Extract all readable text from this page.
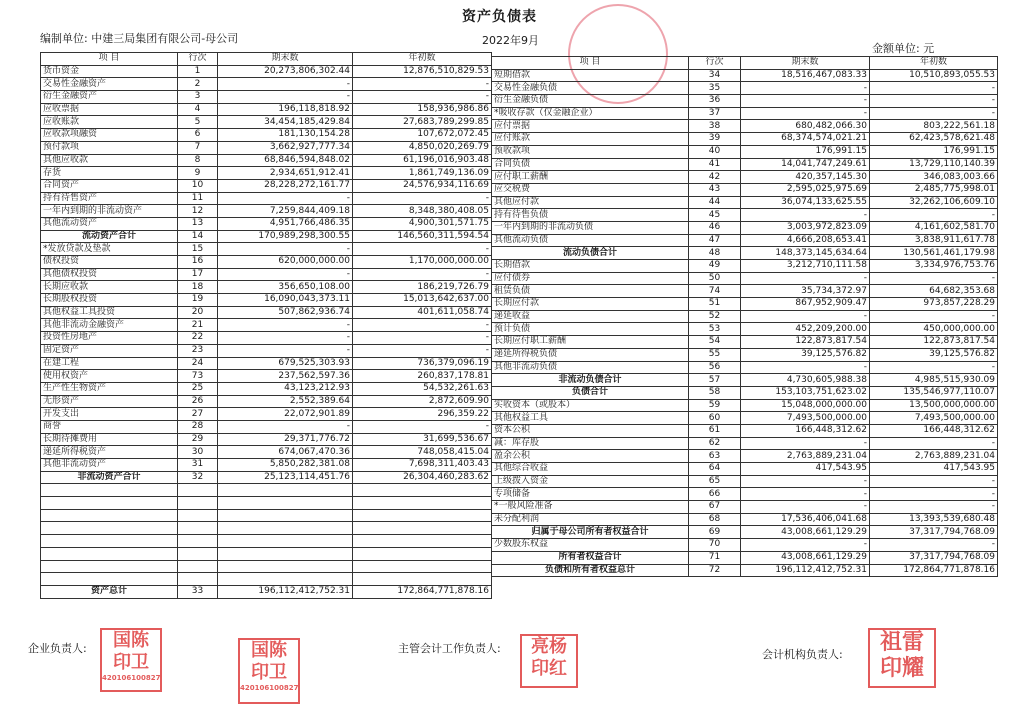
资产负债表
编制单位: 中建三局集团有限公司-母公司	2022年9月
金额单位: 元
项 目	行次	期末数	年初数
货币资金	1	20,273,806,302.44	12,876,510,829.53
交易性金融资产	2	-	-
衍生金融资产	3	-	-
应收票据	4	196,118,818.92	158,936,986.86
应收账款	5	34,454,185,429.84	27,683,789,299.85
应收款项融资	6	181,130,154.28	107,672,072.45
预付款项	7	3,662,927,777.34	4,850,020,269.79
其他应收款	8	68,846,594,848.02	61,196,016,903.48
存货	9	2,934,651,912.41	1,861,749,136.09
合同资产	10	28,228,272,161.77	24,576,934,116.69
持有待售资产	11	-	-
一年内到期的非流动资产	12	7,259,844,409.18	8,348,380,408.05
其他流动资产	13	4,951,766,486.35	4,900,301,571.75
流动资产合计	14	170,989,298,300.55	146,560,311,594.54
*发放贷款及垫款	15	-	-
债权投资	16	620,000,000.00	1,170,000,000.00
其他债权投资	17	-	-
长期应收款	18	356,650,108.00	186,219,726.79
长期股权投资	19	16,090,043,373.11	15,013,642,637.00
其他权益工具投资	20	507,862,936.74	401,611,058.74
其他非流动金融资产	21	-	-
投资性房地产	22	-	-
固定资产	23	-	-
在建工程	24	679,525,303.93	736,379,096.19
使用权资产	73	237,562,597.36	260,837,178.81
生产性生物资产	25	43,123,212.93	54,532,261.63
无形资产	26	2,552,389.64	2,872,609.90
开发支出	27	22,072,901.89	296,359.22
商誉	28	-	-
长期待摊费用	29	29,371,776.72	31,699,536.67
递延所得税资产	30	674,067,470.36	748,058,415.04
其他非流动资产	31	5,850,282,381.08	7,698,311,403.43
非流动资产合计	32	25,123,114,451.76	26,304,460,283.62

资产总计	33	196,112,412,752.31	172,864,771,878.16
项 目	行次	期末数	年初数
短期借款	34	18,516,467,083.33	10,510,893,055.53
交易性金融负债	35	-	-
衍生金融负债	36	-	-
*吸收存款（仅金融企业）	37	-	-
应付票据	38	680,482,066.30	803,222,561.18
应付账款	39	68,374,574,021.21	62,423,578,621.48
预收款项	40	176,991.15	176,991.15
合同负债	41	14,041,747,249.61	13,729,110,140.39
应付职工薪酬	42	420,357,145.30	346,083,003.66
应交税费	43	2,595,025,975.69	2,485,775,998.01
其他应付款	44	36,074,133,625.55	32,262,106,609.10
持有待售负债	45	-	-
一年内到期的非流动负债	46	3,003,972,823.09	4,161,602,581.70
其他流动负债	47	4,666,208,653.41	3,838,911,617.78
流动负债合计	48	148,373,145,634.64	130,561,461,179.98
长期借款	49	3,212,710,111.58	3,334,976,753.76
应付债券	50	-	-
租赁负债	74	35,734,372.97	64,682,353.68
长期应付款	51	867,952,909.47	973,857,228.29
递延收益	52	-	-
预计负债	53	452,209,200.00	450,000,000.00
长期应付职工薪酬	54	122,873,817.54	122,873,817.54
递延所得税负债	55	39,125,576.82	39,125,576.82
其他非流动负债	56	-	-
非流动负债合计	57	4,730,605,988.38	4,985,515,930.09
负债合计	58	153,103,751,623.02	135,546,977,110.07
实收资本（或股本）	59	15,048,000,000.00	13,500,000,000.00
其他权益工具	60	7,493,500,000.00	7,493,500,000.00
资本公积	61	166,448,312.62	166,448,312.62
减：库存股	62	-	-
盈余公积	63	2,763,889,231.04	2,763,889,231.04
其他综合收益	64	417,543.95	417,543.95
上级拨入资金	65	-	-
专项储备	66	-	-
*一般风险准备	67	-	-
未分配利润	68	17,536,406,041.68	13,393,539,680.48
归属于母公司所有者权益合计	69	43,008,661,129.29	37,317,794,768.09
少数股东权益	70	-	-
所有者权益合计	71	43,008,661,129.29	37,317,794,768.09
负债和所有者权益总计	72	196,112,412,752.31	172,864,771,878.16
企业负责人:	主管会计工作负责人:	会计机构负责人:
国陈
印卫
420106100827
国陈
印卫
420106100827
亮杨
印红
祖雷
印耀
